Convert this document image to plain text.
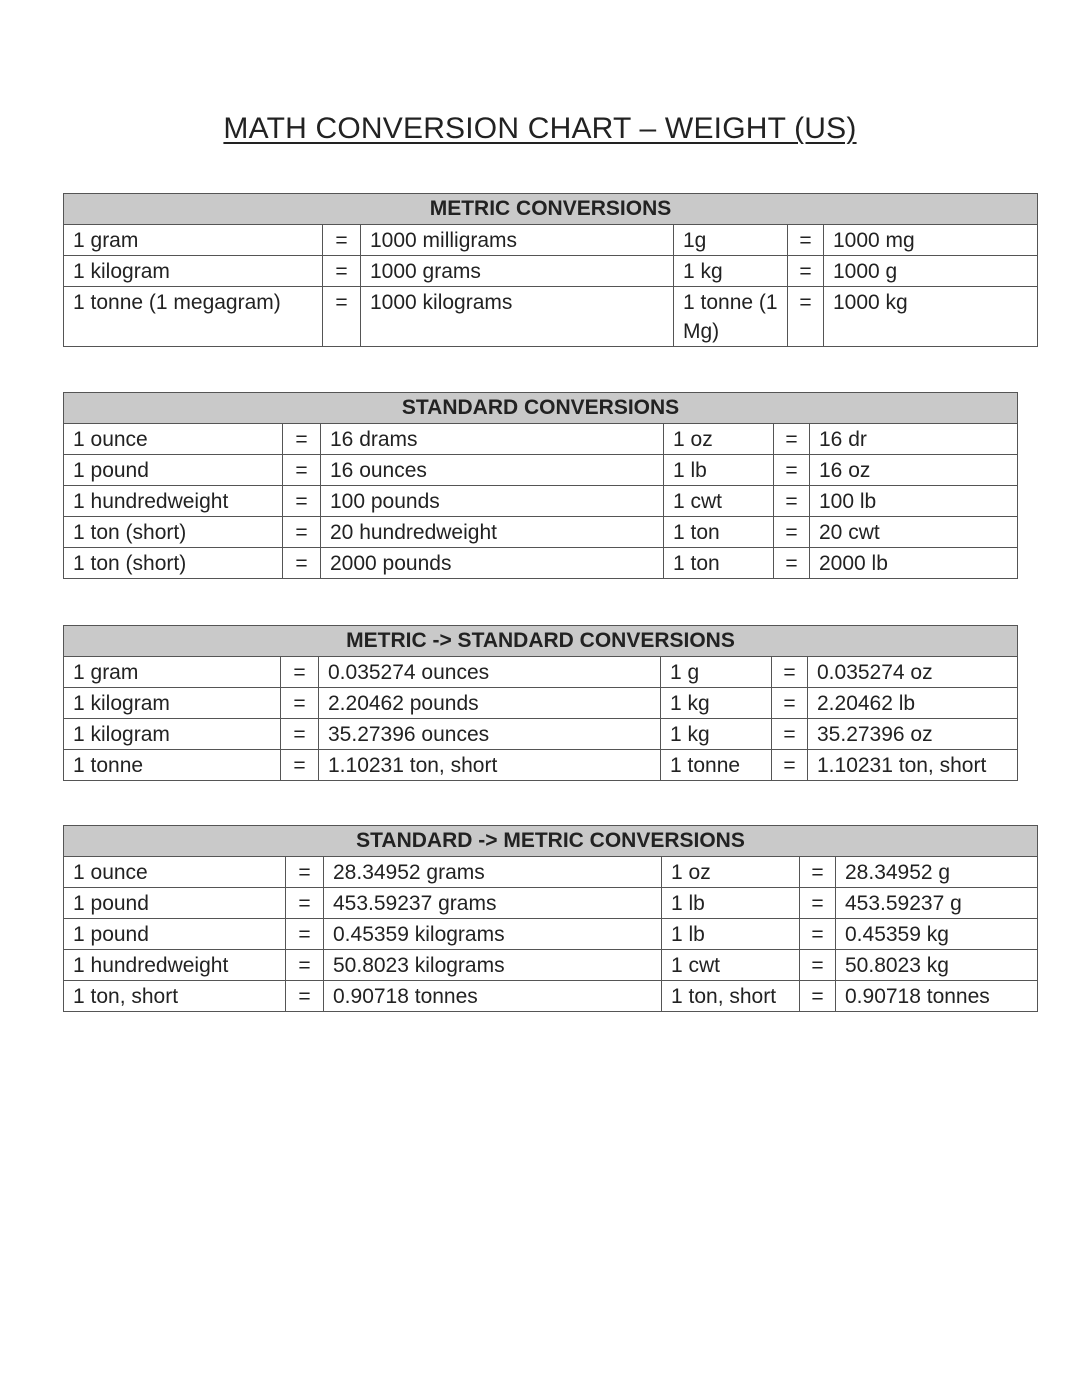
MATH CONVERSION CHART – WEIGHT (US)
METRIC CONVERSIONS					
1 gram	=	1000 milligrams	1g	=	1000 mg
1 kilogram	=	1000 grams	1 kg	=	1000 g
1 tonne (1 megagram)	=	1000 kilograms	1 tonne (1 Mg)	=	1000 kg
STANDARD CONVERSIONS					
1 ounce	=	16 drams	1 oz	=	16 dr
1 pound	=	16 ounces	1 lb	=	16 oz
1 hundredweight	=	100 pounds	1 cwt	=	100 lb
1 ton (short)	=	20 hundredweight	1 ton	=	20 cwt
1 ton (short)	=	2000 pounds	1 ton	=	2000 lb
METRIC -> STANDARD CONVERSIONS					
1 gram	=	0.035274 ounces	1 g	=	0.035274 oz
1 kilogram	=	2.20462 pounds	1 kg	=	2.20462 lb
1 kilogram	=	35.27396 ounces	1 kg	=	35.27396 oz
1 tonne	=	1.10231 ton, short	1 tonne	=	1.10231 ton, short
STANDARD -> METRIC CONVERSIONS					
1 ounce	=	28.34952 grams	1 oz	=	28.34952 g
1 pound	=	453.59237 grams	1 lb	=	453.59237 g
1 pound	=	0.45359 kilograms	1 lb	=	0.45359 kg
1 hundredweight	=	50.8023 kilograms	1 cwt	=	50.8023 kg
1 ton, short	=	0.90718 tonnes	1 ton, short	=	0.90718 tonnes
